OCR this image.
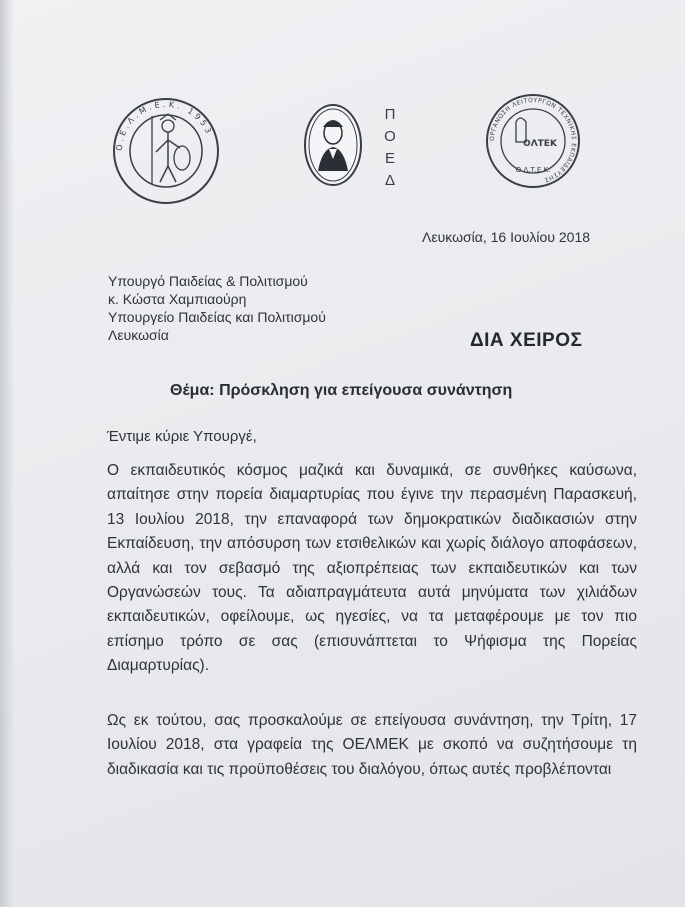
Ο.Ε.Λ.Μ.Ε.Κ. 1953
Π
Ο
Ε
Δ
ΟΡΓΑΝΩΣΗ ΛΕΙΤΟΥΡΓΩΝ ΤΕΧΝΙΚΗΣ ΕΚΠΑΙΔΕΥΣΗΣ
ΟΛΤΕΚ
Ο.Λ.Τ.Ε.Κ.
Λευκωσία, 16 Ιουλίου 2018
Υπουργό Παιδείας & Πολιτισμού
κ. Κώστα Χαμπιαούρη
Υπουργείο Παιδείας και Πολιτισμού
Λευκωσία	ΔΙΑ ΧΕΙΡΟΣ
Θέμα: Πρόσκληση για επείγουσα συνάντηση
Έντιμε κύριε Υπουργέ,
Ο εκπαιδευτικός κόσμος μαζικά και δυναμικά, σε συνθήκες καύσωνα, απαίτησε στην πορεία διαμαρτυρίας που έγινε την περασμένη Παρασκευή, 13 Ιουλίου 2018, την επαναφορά των δημοκρατικών διαδικασιών στην Εκπαίδευση, την απόσυρση των ετσιθελικών και χωρίς διάλογο αποφάσεων, αλλά και τον σεβασμό της αξιοπρέπειας των εκπαιδευτικών και των Οργανώσεών τους. Τα αδιαπραγμάτευτα αυτά μηνύματα των χιλιάδων εκπαιδευτικών, οφείλουμε, ως ηγεσίες, να τα μεταφέρουμε με τον πιο επίσημο τρόπο σε σας (επισυνάπτεται το Ψήφισμα της Πορείας Διαμαρτυρίας).
Ως εκ τούτου, σας προσκαλούμε σε επείγουσα συνάντηση, την Τρίτη, 17 Ιουλίου 2018, στα γραφεία της ΟΕΛΜΕΚ με σκοπό να συζητήσουμε τη διαδικασία και τις προϋποθέσεις του διαλόγου, όπως αυτές προβλέπονται
